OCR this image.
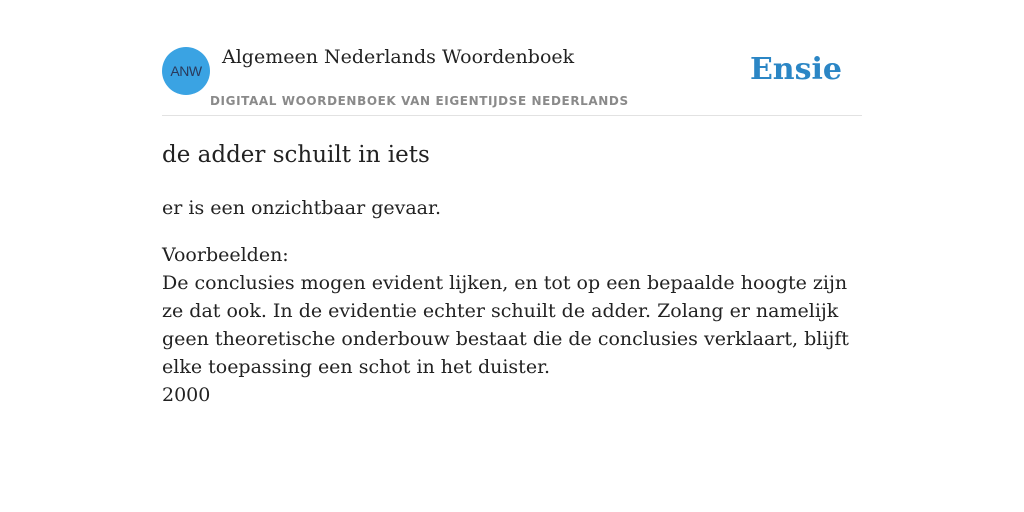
ANW
Algemeen Nederlands Woordenboek
DIGITAAL WOORDENBOEK VAN EIGENTIJDSE NEDERLANDS
Ensie
de adder schuilt in iets

er is een onzichtbaar gevaar.

Voorbeelden:
De conclusies mogen evident lijken, en tot op een bepaalde hoogte zijn ze dat ook. In de evidentie echter schuilt de adder. Zolang er namelijk geen theoretische onderbouw bestaat die de conclusies verklaart, blijft elke toepassing een schot in het duister.
2000
